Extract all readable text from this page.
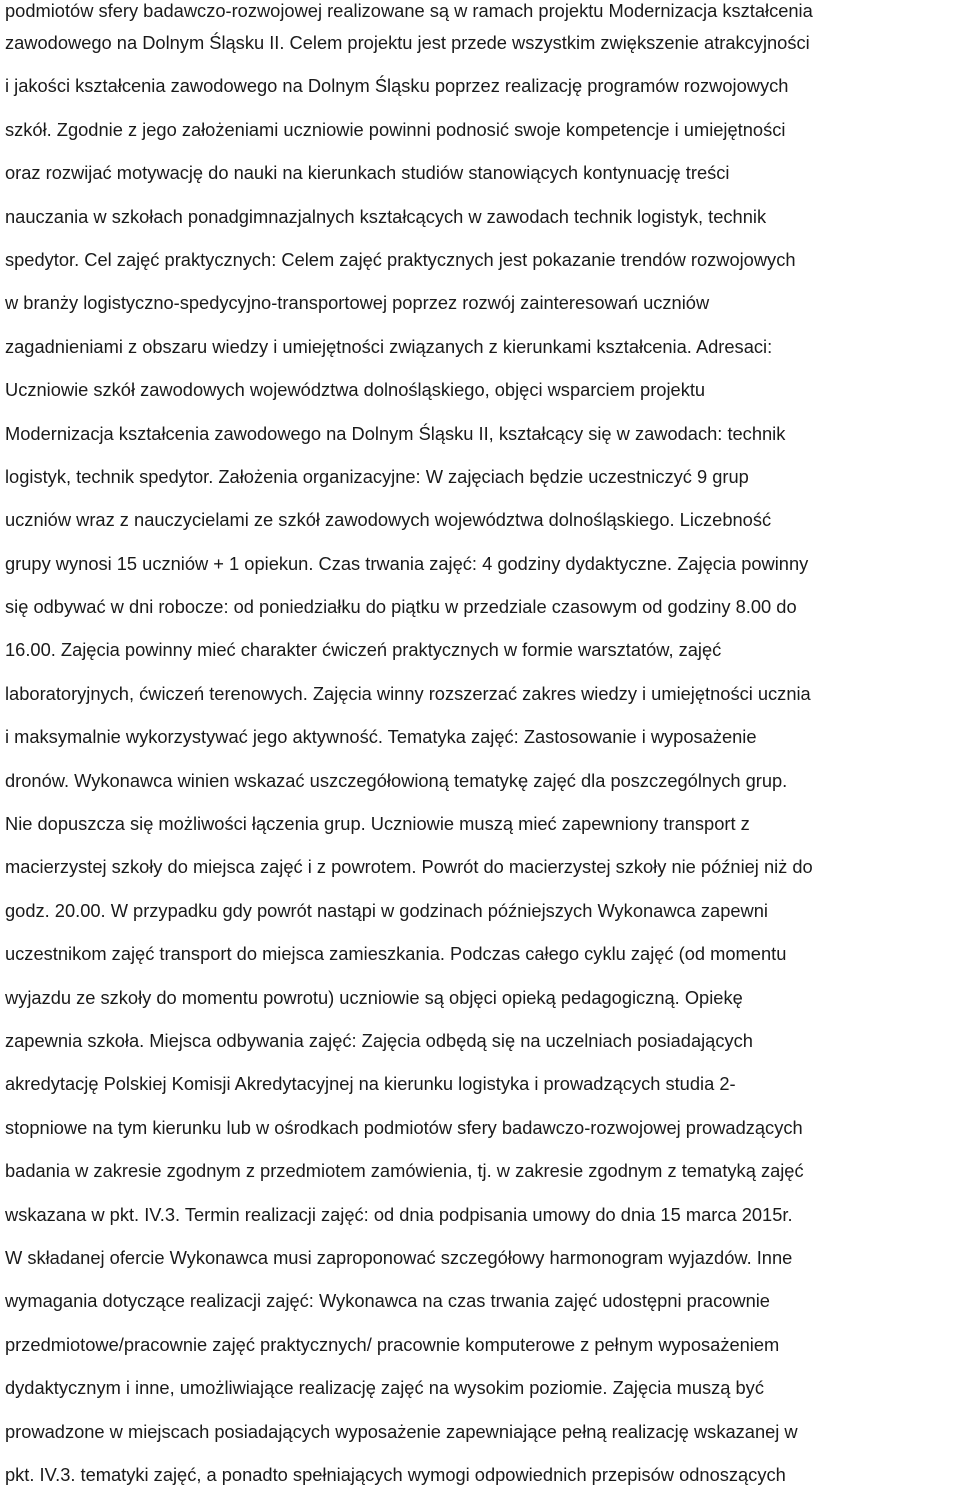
podmiotów sfery badawczo-rozwojowej realizowane są w ramach projektu Modernizacja kształcenia
zawodowego na Dolnym Śląsku II. Celem projektu jest przede wszystkim zwiększenie atrakcyjności
i jakości kształcenia zawodowego na Dolnym Śląsku poprzez realizację programów rozwojowych
szkół. Zgodnie z jego założeniami uczniowie powinni podnosić swoje kompetencje i umiejętności
oraz rozwijać motywację do nauki na kierunkach studiów stanowiących kontynuację treści
nauczania w szkołach ponadgimnazjalnych kształcących w zawodach technik logistyk, technik
spedytor. Cel zajęć praktycznych: Celem zajęć praktycznych jest pokazanie trendów rozwojowych
w branży logistyczno-spedycyjno-transportowej poprzez rozwój zainteresowań uczniów
zagadnieniami z obszaru wiedzy i umiejętności związanych z kierunkami kształcenia. Adresaci:
Uczniowie szkół zawodowych województwa dolnośląskiego, objęci wsparciem projektu
Modernizacja kształcenia zawodowego na Dolnym Śląsku II, kształcący się w zawodach: technik
logistyk, technik spedytor. Założenia organizacyjne: W zajęciach będzie uczestniczyć 9 grup
uczniów wraz z nauczycielami ze szkół zawodowych województwa dolnośląskiego. Liczebność
grupy wynosi 15 uczniów + 1 opiekun. Czas trwania zajęć: 4 godziny dydaktyczne. Zajęcia powinny
się odbywać w dni robocze: od poniedziałku do piątku w przedziale czasowym od godziny 8.00 do
16.00. Zajęcia powinny mieć charakter ćwiczeń praktycznych w formie warsztatów, zajęć
laboratoryjnych, ćwiczeń terenowych. Zajęcia winny rozszerzać zakres wiedzy i umiejętności ucznia
i maksymalnie wykorzystywać jego aktywność. Tematyka zajęć: Zastosowanie i wyposażenie
dronów. Wykonawca winien wskazać uszczegółowioną tematykę zajęć dla poszczególnych grup.
Nie dopuszcza się możliwości łączenia grup. Uczniowie muszą mieć zapewniony transport z
macierzystej szkoły do miejsca zajęć i z powrotem. Powrót do macierzystej szkoły nie później niż do
godz. 20.00. W przypadku gdy powrót nastąpi w godzinach późniejszych Wykonawca zapewni
uczestnikom zajęć transport do miejsca zamieszkania. Podczas całego cyklu zajęć (od momentu
wyjazdu ze szkoły do momentu powrotu) uczniowie są objęci opieką pedagogiczną. Opiekę
zapewnia szkoła. Miejsca odbywania zajęć: Zajęcia odbędą się na uczelniach posiadających
akredytację Polskiej Komisji Akredytacyjnej na kierunku logistyka i prowadzących studia 2-
stopniowe na tym kierunku lub w ośrodkach podmiotów sfery badawczo-rozwojowej prowadzących
badania w zakresie zgodnym z przedmiotem zamówienia, tj. w zakresie zgodnym z tematyką zajęć
wskazana w pkt. IV.3. Termin realizacji zajęć: od dnia podpisania umowy do dnia 15 marca 2015r.
W składanej ofercie Wykonawca musi zaproponować szczegółowy harmonogram wyjazdów. Inne
wymagania dotyczące realizacji zajęć: Wykonawca na czas trwania zajęć udostępni pracownie
przedmiotowe/pracownie zajęć praktycznych/ pracownie komputerowe z pełnym wyposażeniem
dydaktycznym i inne, umożliwiające realizację zajęć na wysokim poziomie. Zajęcia muszą być
prowadzone w miejscach posiadających wyposażenie zapewniające pełną realizację wskazanej w
pkt. IV.3. tematyki zajęć, a ponadto spełniających wymogi odpowiednich przepisów odnoszących
